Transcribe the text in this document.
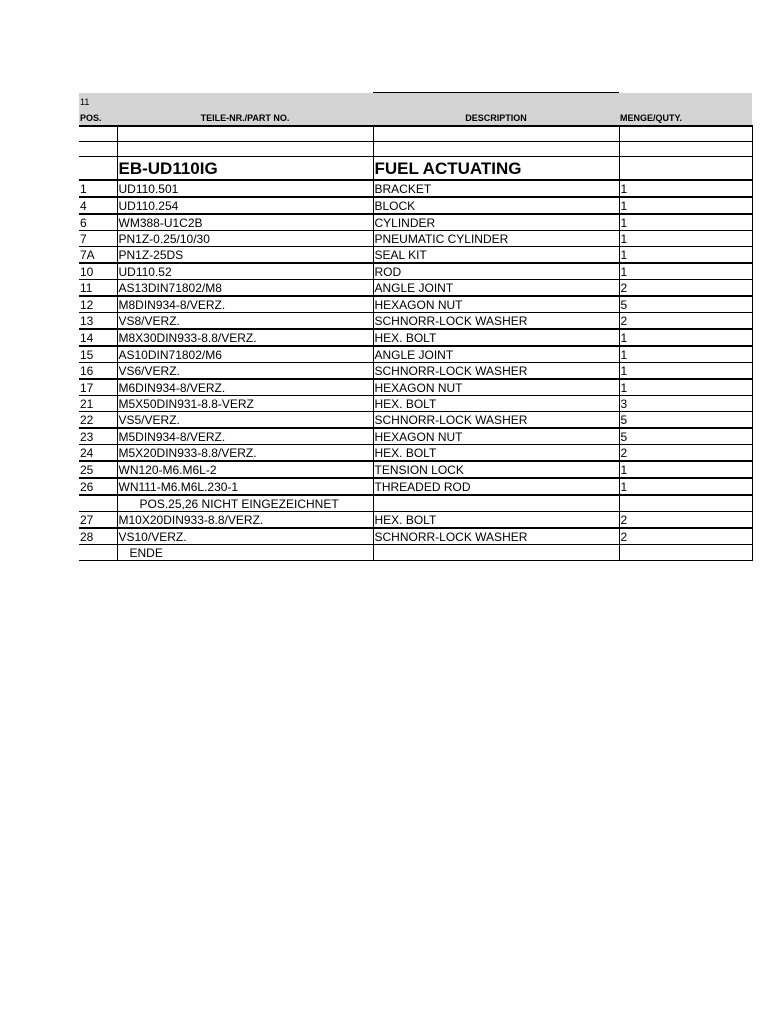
11			
POS.	TEILE-NR./PART NO.	DESCRIPTION	MENGE/QUTY.

	EB-UD110IG	FUEL ACTUATING	
1	UD110.501	BRACKET	1
4	UD110.254	BLOCK	1
6	WM388-U1C2B	CYLINDER	1
7	PN1Z-0.25/10/30	PNEUMATIC CYLINDER	1
7A	PN1Z-25DS	SEAL KIT	1
10	UD110.52	ROD	1
11	AS13DIN71802/M8	ANGLE JOINT	2
12	M8DIN934-8/VERZ.	HEXAGON NUT	5
13	VS8/VERZ.	SCHNORR-LOCK WASHER	2
14	M8X30DIN933-8.8/VERZ.	HEX. BOLT	1
15	AS10DIN71802/M6	ANGLE JOINT	1
16	VS6/VERZ.	SCHNORR-LOCK WASHER	1
17	M6DIN934-8/VERZ.	HEXAGON NUT	1
21	M5X50DIN931-8.8-VERZ	HEX. BOLT	3
22	VS5/VERZ.	SCHNORR-LOCK WASHER	5
23	M5DIN934-8/VERZ.	HEXAGON NUT	5
24	M5X20DIN933-8.8/VERZ.	HEX. BOLT	2
25	WN120-M6.M6L-2	TENSION LOCK	1
26	WN111-M6.M6L.230-1	THREADED ROD	1
	POS.25,26 NICHT EINGEZEICHNET		
27	M10X20DIN933-8.8/VERZ.	HEX. BOLT	2
28	VS10/VERZ.	SCHNORR-LOCK WASHER	2
	ENDE		
